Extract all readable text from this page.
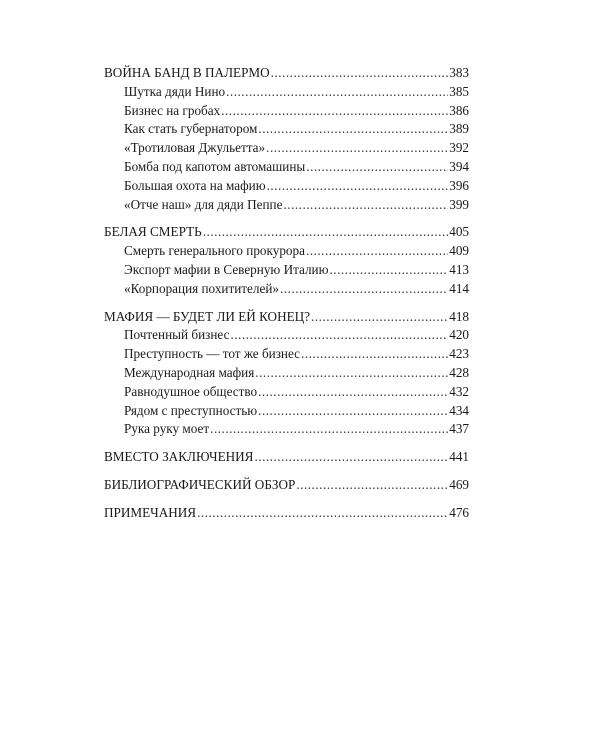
ВОЙНА БАНД В ПАЛЕРМО .....	383
Шутка дяди Нино .....	385
Бизнес на гробах .....	386
Как стать губернатором .....	389
«Тротиловая Джульетта» .....	392
Бомба под капотом автомашины .....	394
Большая охота на мафию .....	396
«Отче наш» для дяди Пеппе .....	399
БЕЛАЯ СМЕРТЬ .....	405
Смерть генерального прокурора .....	409
Экспорт мафии в Северную Италию .....	413
«Корпорация похитителей» .....	414
МАФИЯ — БУДЕТ ЛИ ЕЙ КОНЕЦ? .....	418
Почтенный бизнес .....	420
Преступность — тот же бизнес .....	423
Международная мафия .....	428
Равнодушное общество .....	432
Рядом с преступностью .....	434
Рука руку моет .....	437
ВМЕСТО ЗАКЛЮЧЕНИЯ .....	441
БИБЛИОГРАФИЧЕСКИЙ ОБЗОР .....	469
ПРИМЕЧАНИЯ .....	476
